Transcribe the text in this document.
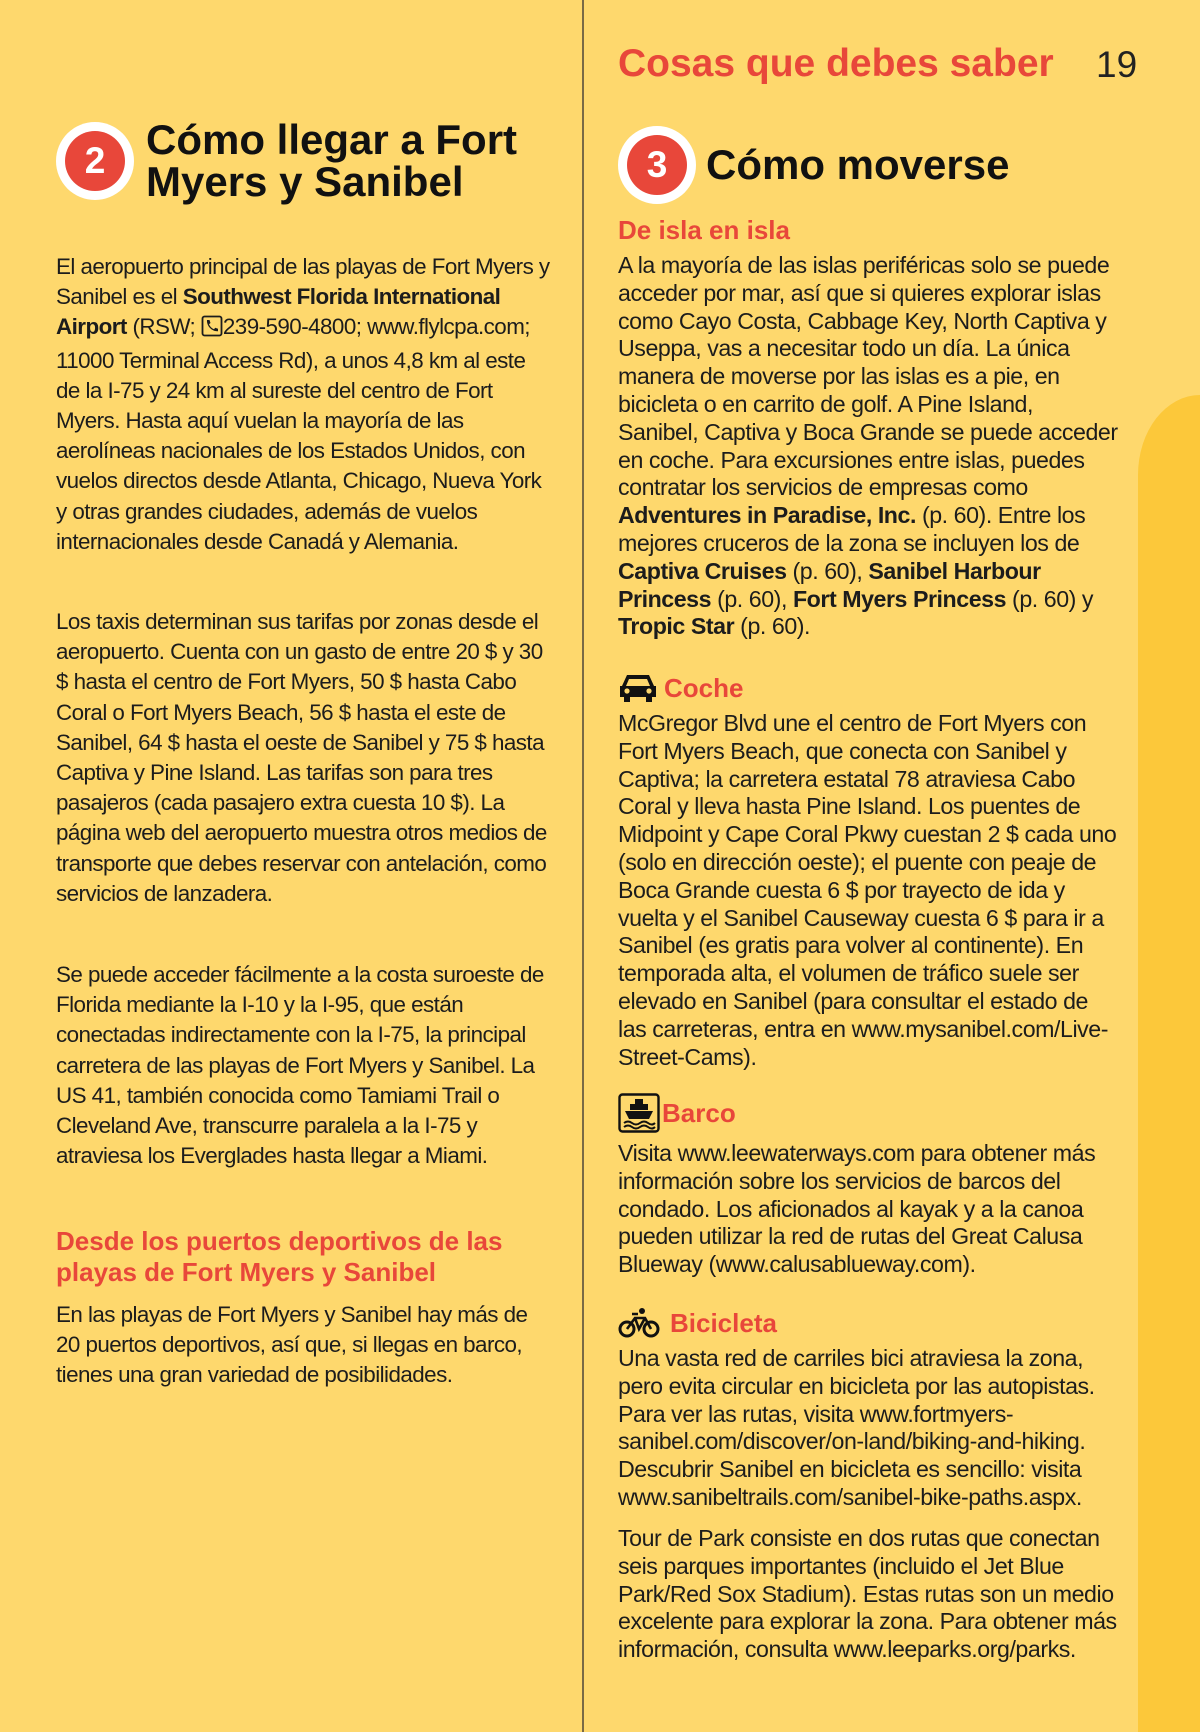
Cosas que debes saber 19
2 Cómo llegar a Fort
Myers y Sanibel

El aeropuerto principal de las playas de Fort Myers y Sanibel es el Southwest Florida International Airport (RSW; 239-590-4800; www.flylcpa.com; 11000 Terminal Access Rd), a unos 4,8 km al este de la I-75 y 24 km al sureste del centro de Fort Myers. Hasta aquí vuelan la mayoría de las aerolíneas nacionales de los Estados Unidos, con vuelos directos desde Atlanta, Chicago, Nueva York y otras grandes ciudades, además de vuelos internacionales desde Canadá y Alemania.

Los taxis determinan sus tarifas por zonas desde el aeropuerto. Cuenta con un gasto de entre 20 $ y 30 $ hasta el centro de Fort Myers, 50 $ hasta Cabo Coral o Fort Myers Beach, 56 $ hasta el este de Sanibel, 64 $ hasta el oeste de Sanibel y 75 $ hasta Captiva y Pine Island. Las tarifas son para tres pasajeros (cada pasajero extra cuesta 10 $). La página web del aeropuerto muestra otros medios de transporte que debes reservar con antelación, como servicios de lanzadera.

Se puede acceder fácilmente a la costa suroeste de Florida mediante la I-10 y la I-95, que están conectadas indirectamente con la I-75, la principal carretera de las playas de Fort Myers y Sanibel. La US 41, también conocida como Tamiami Trail o Cleveland Ave, transcurre paralela a la I-75 y atraviesa los Everglades hasta llegar a Miami.

Desde los puertos deportivos de las playas de Fort Myers y Sanibel

En las playas de Fort Myers y Sanibel hay más de 20 puertos deportivos, así que, si llegas en barco, tienes una gran variedad de posibilidades.

3 Cómo moverse
De isla en isla

A la mayoría de las islas periféricas solo se puede acceder por mar, así que si quieres explorar islas como Cayo Costa, Cabbage Key, North Captiva y Useppa, vas a necesitar todo un día. La única manera de moverse por las islas es a pie, en bicicleta o en carrito de golf. A Pine Island, Sanibel, Captiva y Boca Grande se puede acceder en coche. Para excursiones entre islas, puedes contratar los servicios de empresas como Adventures in Paradise, Inc. (p. 60). Entre los mejores cruceros de la zona se incluyen los de Captiva Cruises (p. 60), Sanibel Harbour Princess (p. 60), Fort Myers Princess (p. 60) y Tropic Star (p. 60).

Coche

McGregor Blvd une el centro de Fort Myers con Fort Myers Beach, que conecta con Sanibel y Captiva; la carretera estatal 78 atraviesa Cabo Coral y lleva hasta Pine Island. Los puentes de Midpoint y Cape Coral Pkwy cuestan 2 $ cada uno (solo en dirección oeste); el puente con peaje de Boca Grande cuesta 6 $ por trayecto de ida y vuelta y el Sanibel Causeway cuesta 6 $ para ir a Sanibel (es gratis para volver al continente). En temporada alta, el volumen de tráfico suele ser elevado en Sanibel (para consultar el estado de las carreteras, entra en www.mysanibel.com/Live-Street-Cams).

Barco

Visita www.leewaterways.com para obtener más información sobre los servicios de barcos del condado. Los aficionados al kayak y a la canoa pueden utilizar la red de rutas del Great Calusa Blueway (www.calusablueway.com).

Bicicleta

Una vasta red de carriles bici atraviesa la zona, pero evita circular en bicicleta por las autopistas. Para ver las rutas, visita www.fortmyers-sanibel.com/discover/on-land/biking-and-hiking. Descubrir Sanibel en bicicleta es sencillo: visita www.sanibeltrails.com/sanibel-bike-paths.aspx.

Tour de Park consiste en dos rutas que conectan seis parques importantes (incluido el Jet Blue Park/Red Sox Stadium). Estas rutas son un medio excelente para explorar la zona. Para obtener más información, consulta www.leeparks.org/parks.
